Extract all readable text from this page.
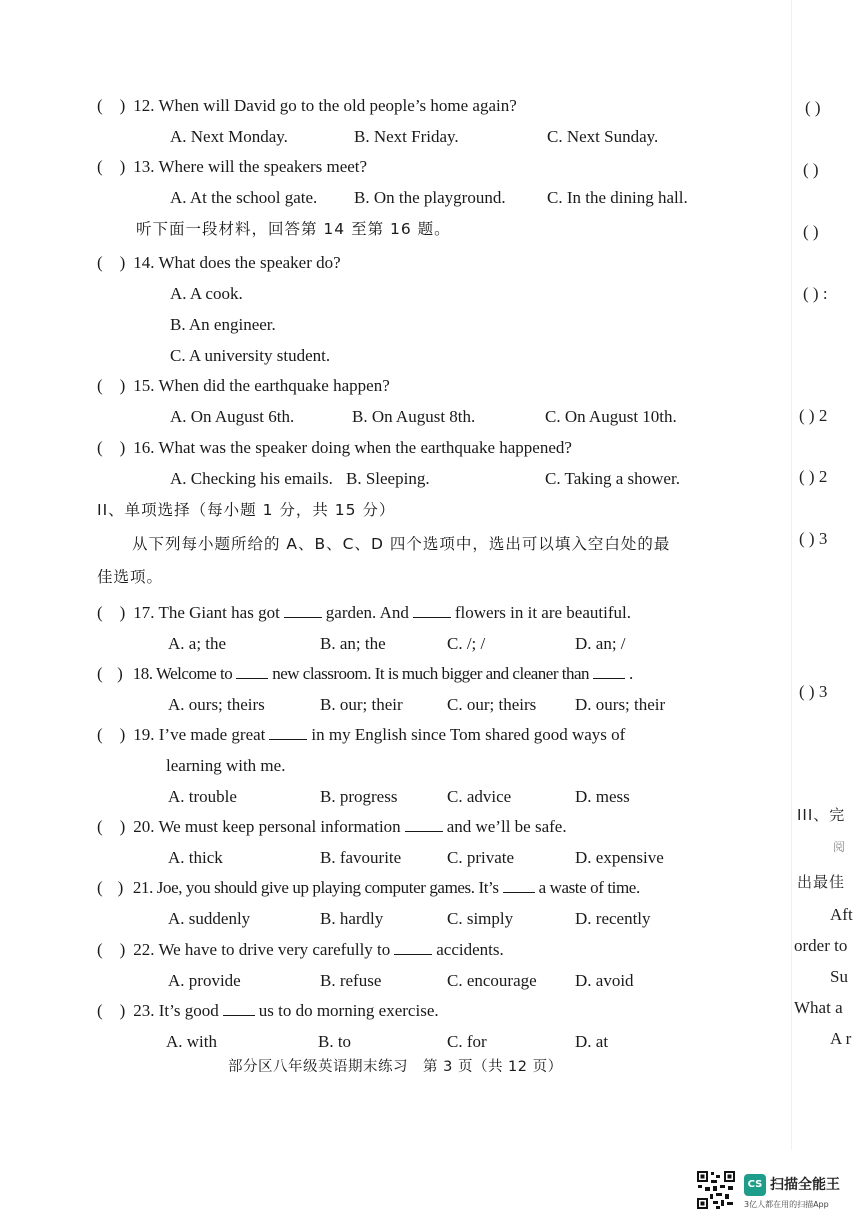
(    ) 12. When will David go to the old people’s home again?
A. Next Monday.	B. Next Friday.	C. Next Sunday.
(    ) 13. Where will the speakers meet?
A. At the school gate. B. On the playground. C. In the dining hall.
听下面一段材料，回答第 14 至第 16 题。
(    ) 14. What does the speaker do?
A. A cook.
B. An engineer.
C. A university student.
(    ) 15. When did the earthquake happen?
A. On August 6th.	B. On August 8th.	C. On August 10th.
(    ) 16. What was the speaker doing when the earthquake happened?
A. Checking his emails. B. Sleeping.	C. Taking a shower.
II、单项选择（每小题 1 分，共 15 分）
从下列每小题所给的 A、B、C、D 四个选项中，选出可以填入空白处的最
佳选项。
(    ) 17. The Giant has got	garden. And	flowers in it are beautiful.
A. a; the	B. an; the	C. /; /	D. an; /
(    ) 18. Welcome to new classroom. It is much bigger and cleaner than .
A. ours; theirs	B. our; their	C. our; theirs D. ours; their
(    ) 19. I’ve made great	in my English since Tom shared good ways of
learning with me.
A. trouble	B. progress	C. advice	D. mess
(    ) 20. We must keep personal information	and we’ll be safe.
A. thick	B. favourite	C. private	D. expensive
(    ) 21. Joe, you should give up playing computer games. It’s a waste of time.
A. suddenly	B. hardly	C. simply	D. recently
(    ) 22. We have to drive very carefully to	accidents.
A. provide	B. refuse	C. encourage D. avoid
(    ) 23. It’s good us to do morning exercise.
A. with	B. to	C. for	D. at
部分区八年级英语期末练习　第 3 页（共 12 页）
( )
( )
( )
( ) :
( ) 2
( ) 2
( ) 3
( ) 3
III、完
阅
出最佳
Aft
order to
Su
What a
A r
CS 扫描全能王
3亿人都在用的扫描App
